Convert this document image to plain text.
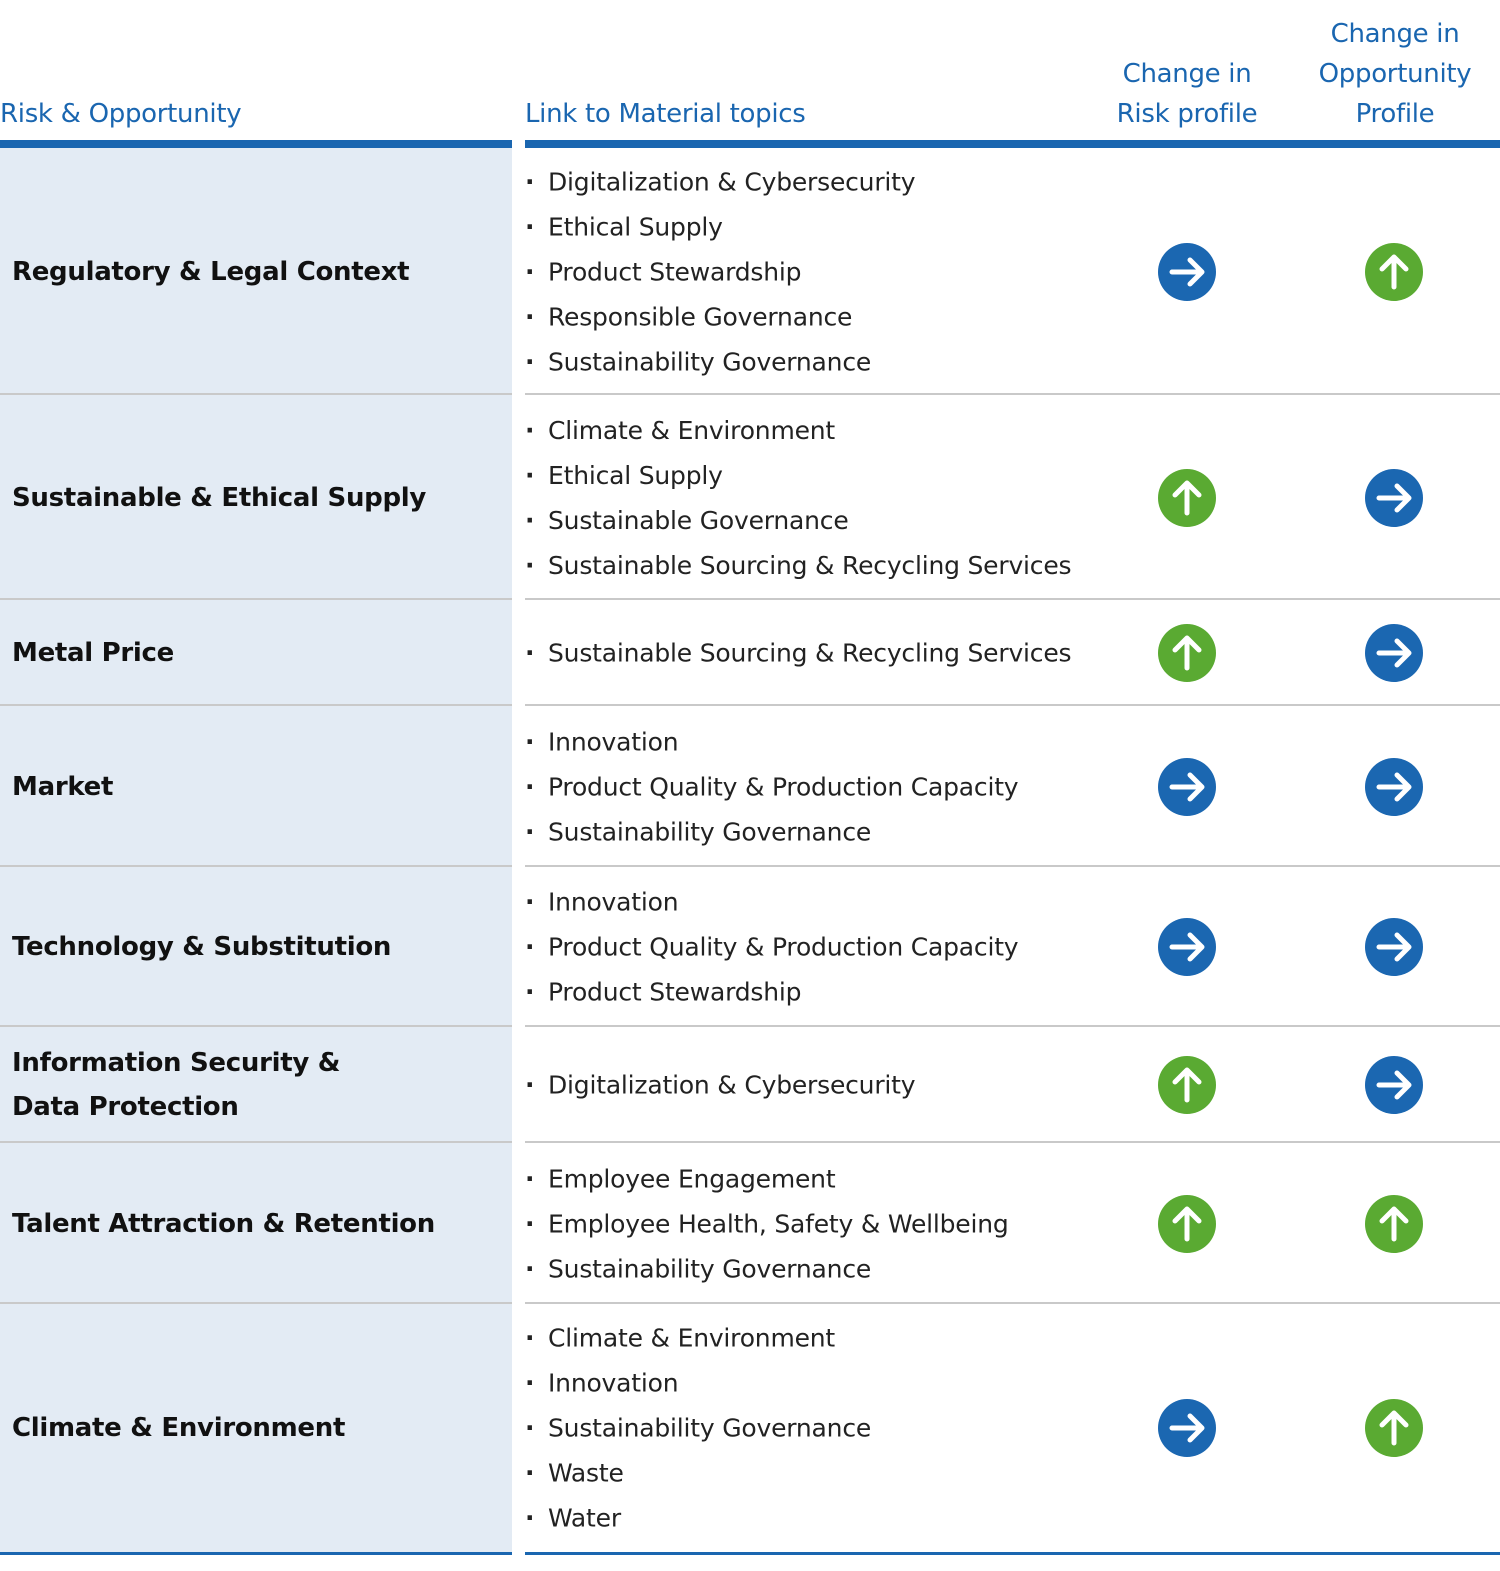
Risk & Opportunity	Link to Material topics
Change in
Risk profile
Change in
Opportunity
Profile
Regulatory & Legal Context
· Digitalization & Cybersecurity
· Ethical Supply
· Product Stewardship
· Responsible Governance
· Sustainability Governance
Sustainable & Ethical Supply
· Climate & Environment
· Ethical Supply
· Sustainable Governance
· Sustainable Sourcing & Recycling Services
Metal Price
·	Sustainable Sourcing & Recycling Services
Market
· Innovation
· Product Quality & Production Capacity
· Sustainability Governance
Technology & Substitution
· Innovation
· Product Quality & Production Capacity
· Product Stewardship
Information Security &
Data Protection
· Digitalization & Cybersecurity
Talent Attraction & Retention
· Employee Engagement
· Employee Health, Safety & Wellbeing
· Sustainability Governance
Climate & Environment
· Climate & Environment
· Innovation
· Sustainability Governance
· Waste
· Water
